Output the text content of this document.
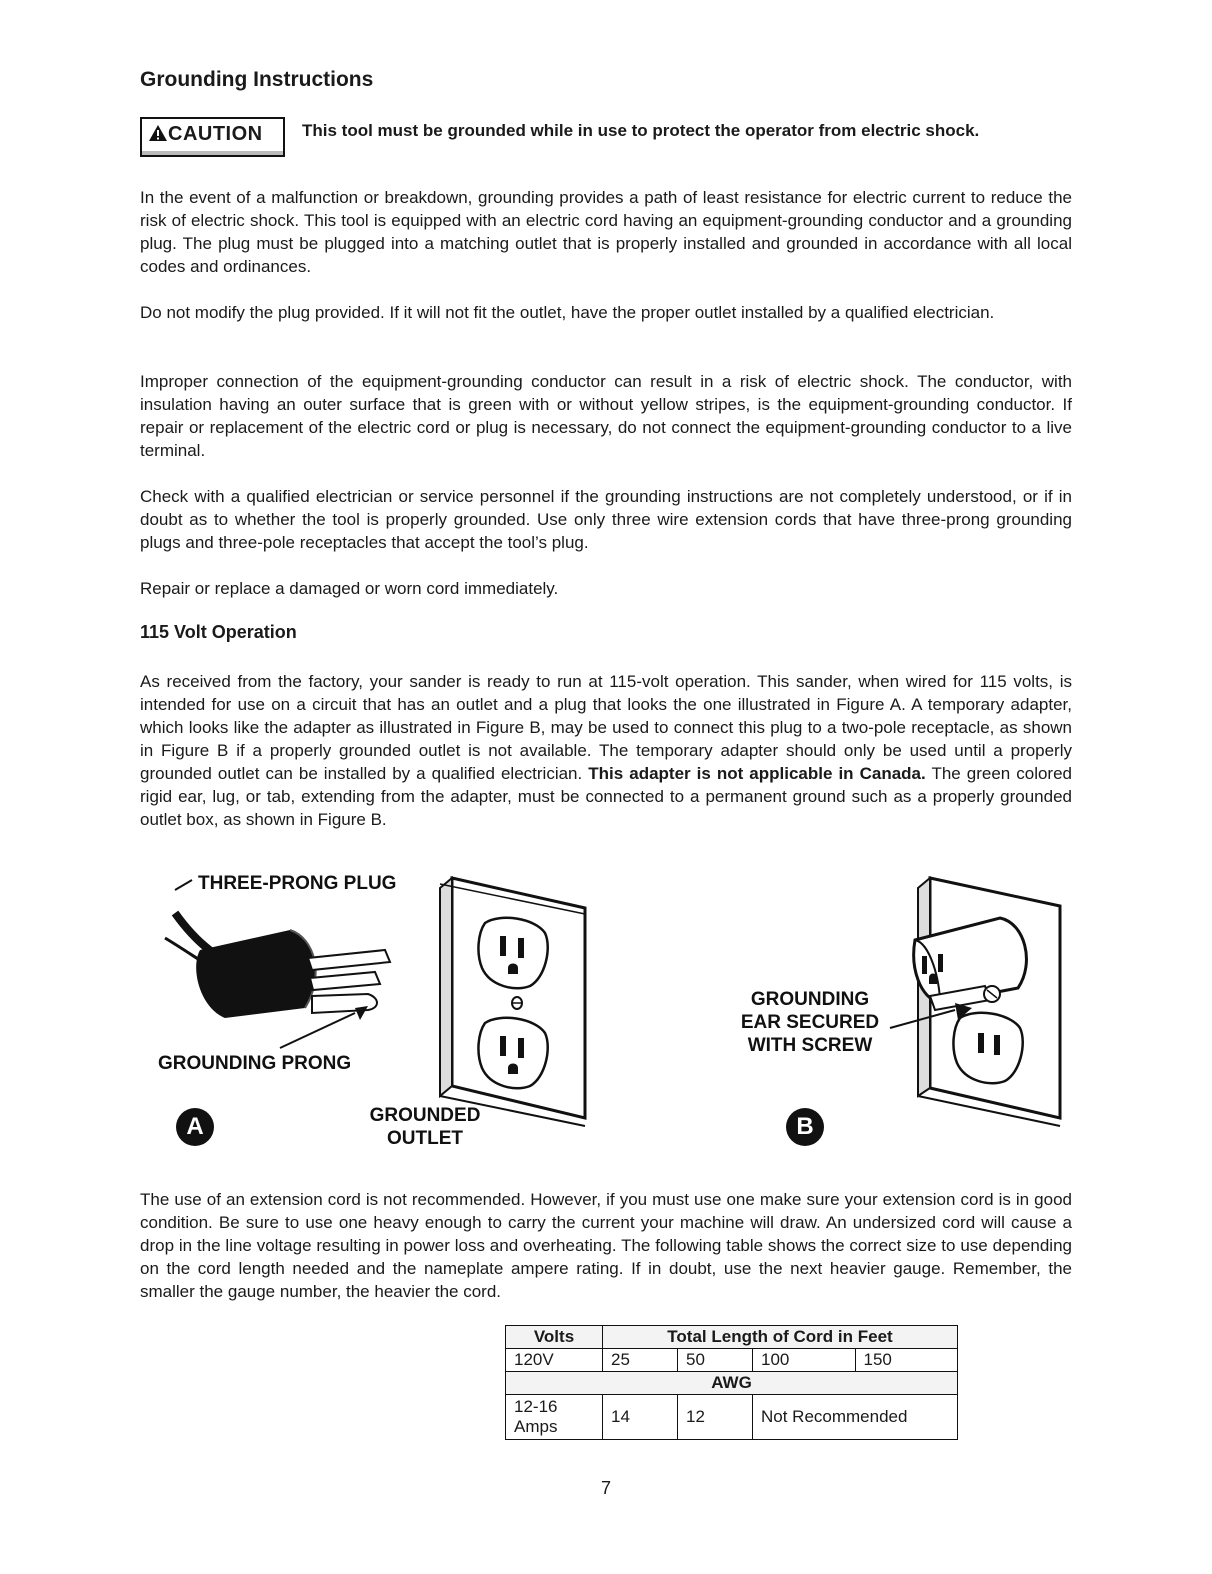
Grounding Instructions
CAUTION	This tool must be grounded while in use to protect the operator from electric shock.

In the event of a malfunction or breakdown, grounding provides a path of least resistance for electric current to reduce the risk of electric shock. This tool is equipped with an electric cord having an equipment-grounding conductor and a grounding plug. The plug must be plugged into a matching outlet that is properly installed and grounded in accordance with all local codes and ordinances.

Do not modify the plug provided. If it will not fit the outlet, have the proper outlet installed by a qualified electrician.

Improper connection of the equipment-grounding conductor can result in a risk of electric shock. The conductor, with insulation having an outer surface that is green with or without yellow stripes, is the equipment-grounding conductor. If repair or replacement of the electric cord or plug is necessary, do not connect the equipment-grounding conductor to a live terminal.

Check with a qualified electrician or service personnel if the grounding instructions are not completely understood, or if in doubt as to whether the tool is properly grounded. Use only three wire extension cords that have three-prong grounding plugs and three-pole receptacles that accept the tool’s plug.

Repair or replace a damaged or worn cord immediately.

115 Volt Operation

As received from the factory, your sander is ready to run at 115-volt operation. This sander, when wired for 115 volts, is intended for use on a circuit that has an outlet and a plug that looks the one illustrated in Figure A. A temporary adapter, which looks like the adapter as illustrated in Figure B, may be used to connect this plug to a two-pole receptacle, as shown in Figure B if a properly grounded outlet is not available. The temporary adapter should only be used until a properly grounded outlet can be installed by a qualified electrician. This adapter is not applicable in Canada. The green colored rigid ear, lug, or tab, extending from the adapter, must be connected to a permanent ground such as a properly grounded outlet box, as shown in Figure B.

THREE-PRONG PLUG
GROUNDING PRONG
GROUNDED
OUTLET
GROUNDING
EAR SECURED
WITH SCREW
A	B

The use of an extension cord is not recommended. However, if you must use one make sure your extension cord is in good condition. Be sure to use one heavy enough to carry the current your machine will draw. An undersized cord will cause a drop in the line voltage resulting in power loss and overheating. The following table shows the correct size to use depending on the cord length needed and the nameplate ampere rating. If in doubt, use the next heavier gauge. Remember, the smaller the gauge number, the heavier the cord.

Volts	Total Length of Cord in Feet			
120V	25	50	100	150
AWG				
12-16 Amps	14	12	Not Recommended	

7
